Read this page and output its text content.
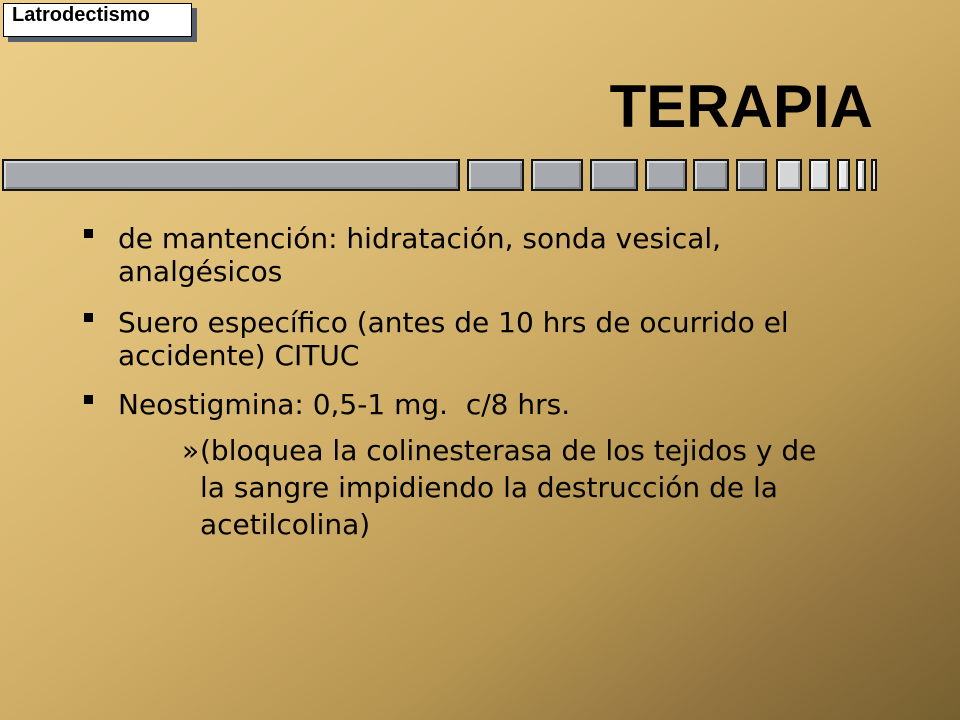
Latrodectismo
TERAPIA
de mantención: hidratación, sonda vesical,
analgésicos
Suero específico (antes de 10 hrs de ocurrido el
accidente) CITUC
Neostigmina: 0,5-1 mg.  c/8 hrs.
» (bloquea la colinesterasa de los tejidos y de
la sangre impidiendo la destrucción de la
acetilcolina)
